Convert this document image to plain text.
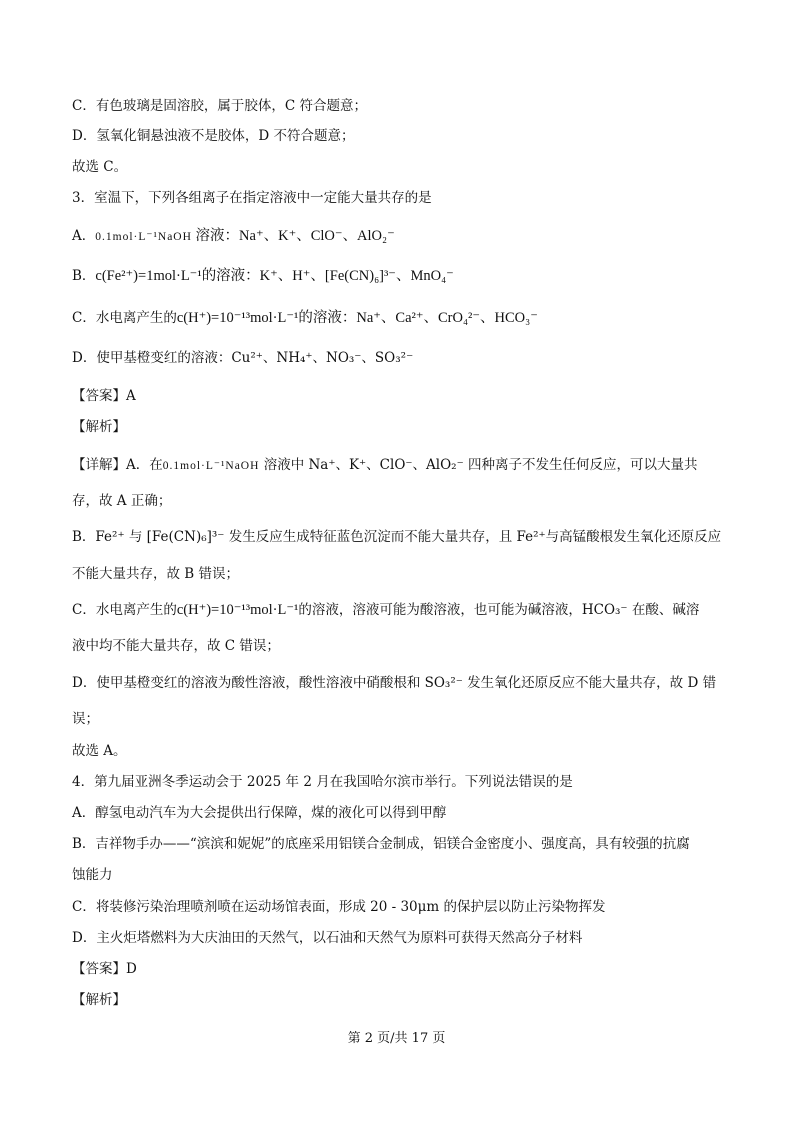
C．有色玻璃是固溶胶，属于胶体，C 符合题意；
D．氢氧化铜悬浊液不是胶体，D 不符合题意；
故选 C。
3．室温下，下列各组离子在指定溶液中一定能大量共存的是
A．0.1mol·L⁻¹NaOH 溶液：Na⁺、K⁺、ClO⁻、AlO₂⁻
B．c(Fe²⁺)=1mol·L⁻¹的溶液：K⁺、H⁺、[Fe(CN)₆]³⁻、MnO₄⁻
C．水电离产生的c(H⁺)=10⁻¹³mol·L⁻¹的溶液：Na⁺、Ca²⁺、CrO₄²⁻、HCO₃⁻
D．使甲基橙变红的溶液：Cu²⁺、NH₄⁺、NO₃⁻、SO₃²⁻
【答案】A
【解析】
【详解】A．在0.1mol·L⁻¹NaOH 溶液中 Na⁺、K⁺、ClO⁻、AlO₂⁻ 四种离子不发生任何反应，可以大量共
存，故 A 正确；
B．Fe²⁺ 与 [Fe(CN)₆]³⁻ 发生反应生成特征蓝色沉淀而不能大量共存，且 Fe²⁺与高锰酸根发生氧化还原反应
不能大量共存，故 B 错误；
C．水电离产生的c(H⁺)=10⁻¹³mol·L⁻¹的溶液，溶液可能为酸溶液，也可能为碱溶液，HCO₃⁻ 在酸、碱溶
液中均不能大量共存，故 C 错误；
D．使甲基橙变红的溶液为酸性溶液，酸性溶液中硝酸根和 SO₃²⁻ 发生氧化还原反应不能大量共存，故 D 错
误；
故选 A。
4．第九届亚洲冬季运动会于 2025 年 2 月在我国哈尔滨市举行。下列说法错误的是
A．醇氢电动汽车为大会提供出行保障，煤的液化可以得到甲醇
B．吉祥物手办——“滨滨和妮妮”的底座采用铝镁合金制成，铝镁合金密度小、强度高，具有较强的抗腐
蚀能力
C．将装修污染治理喷剂喷在运动场馆表面，形成 20 - 30μm 的保护层以防止污染物挥发
D．主火炬塔燃料为大庆油田的天然气，以石油和天然气为原料可获得天然高分子材料
【答案】D
【解析】
第 2 页/共 17 页
